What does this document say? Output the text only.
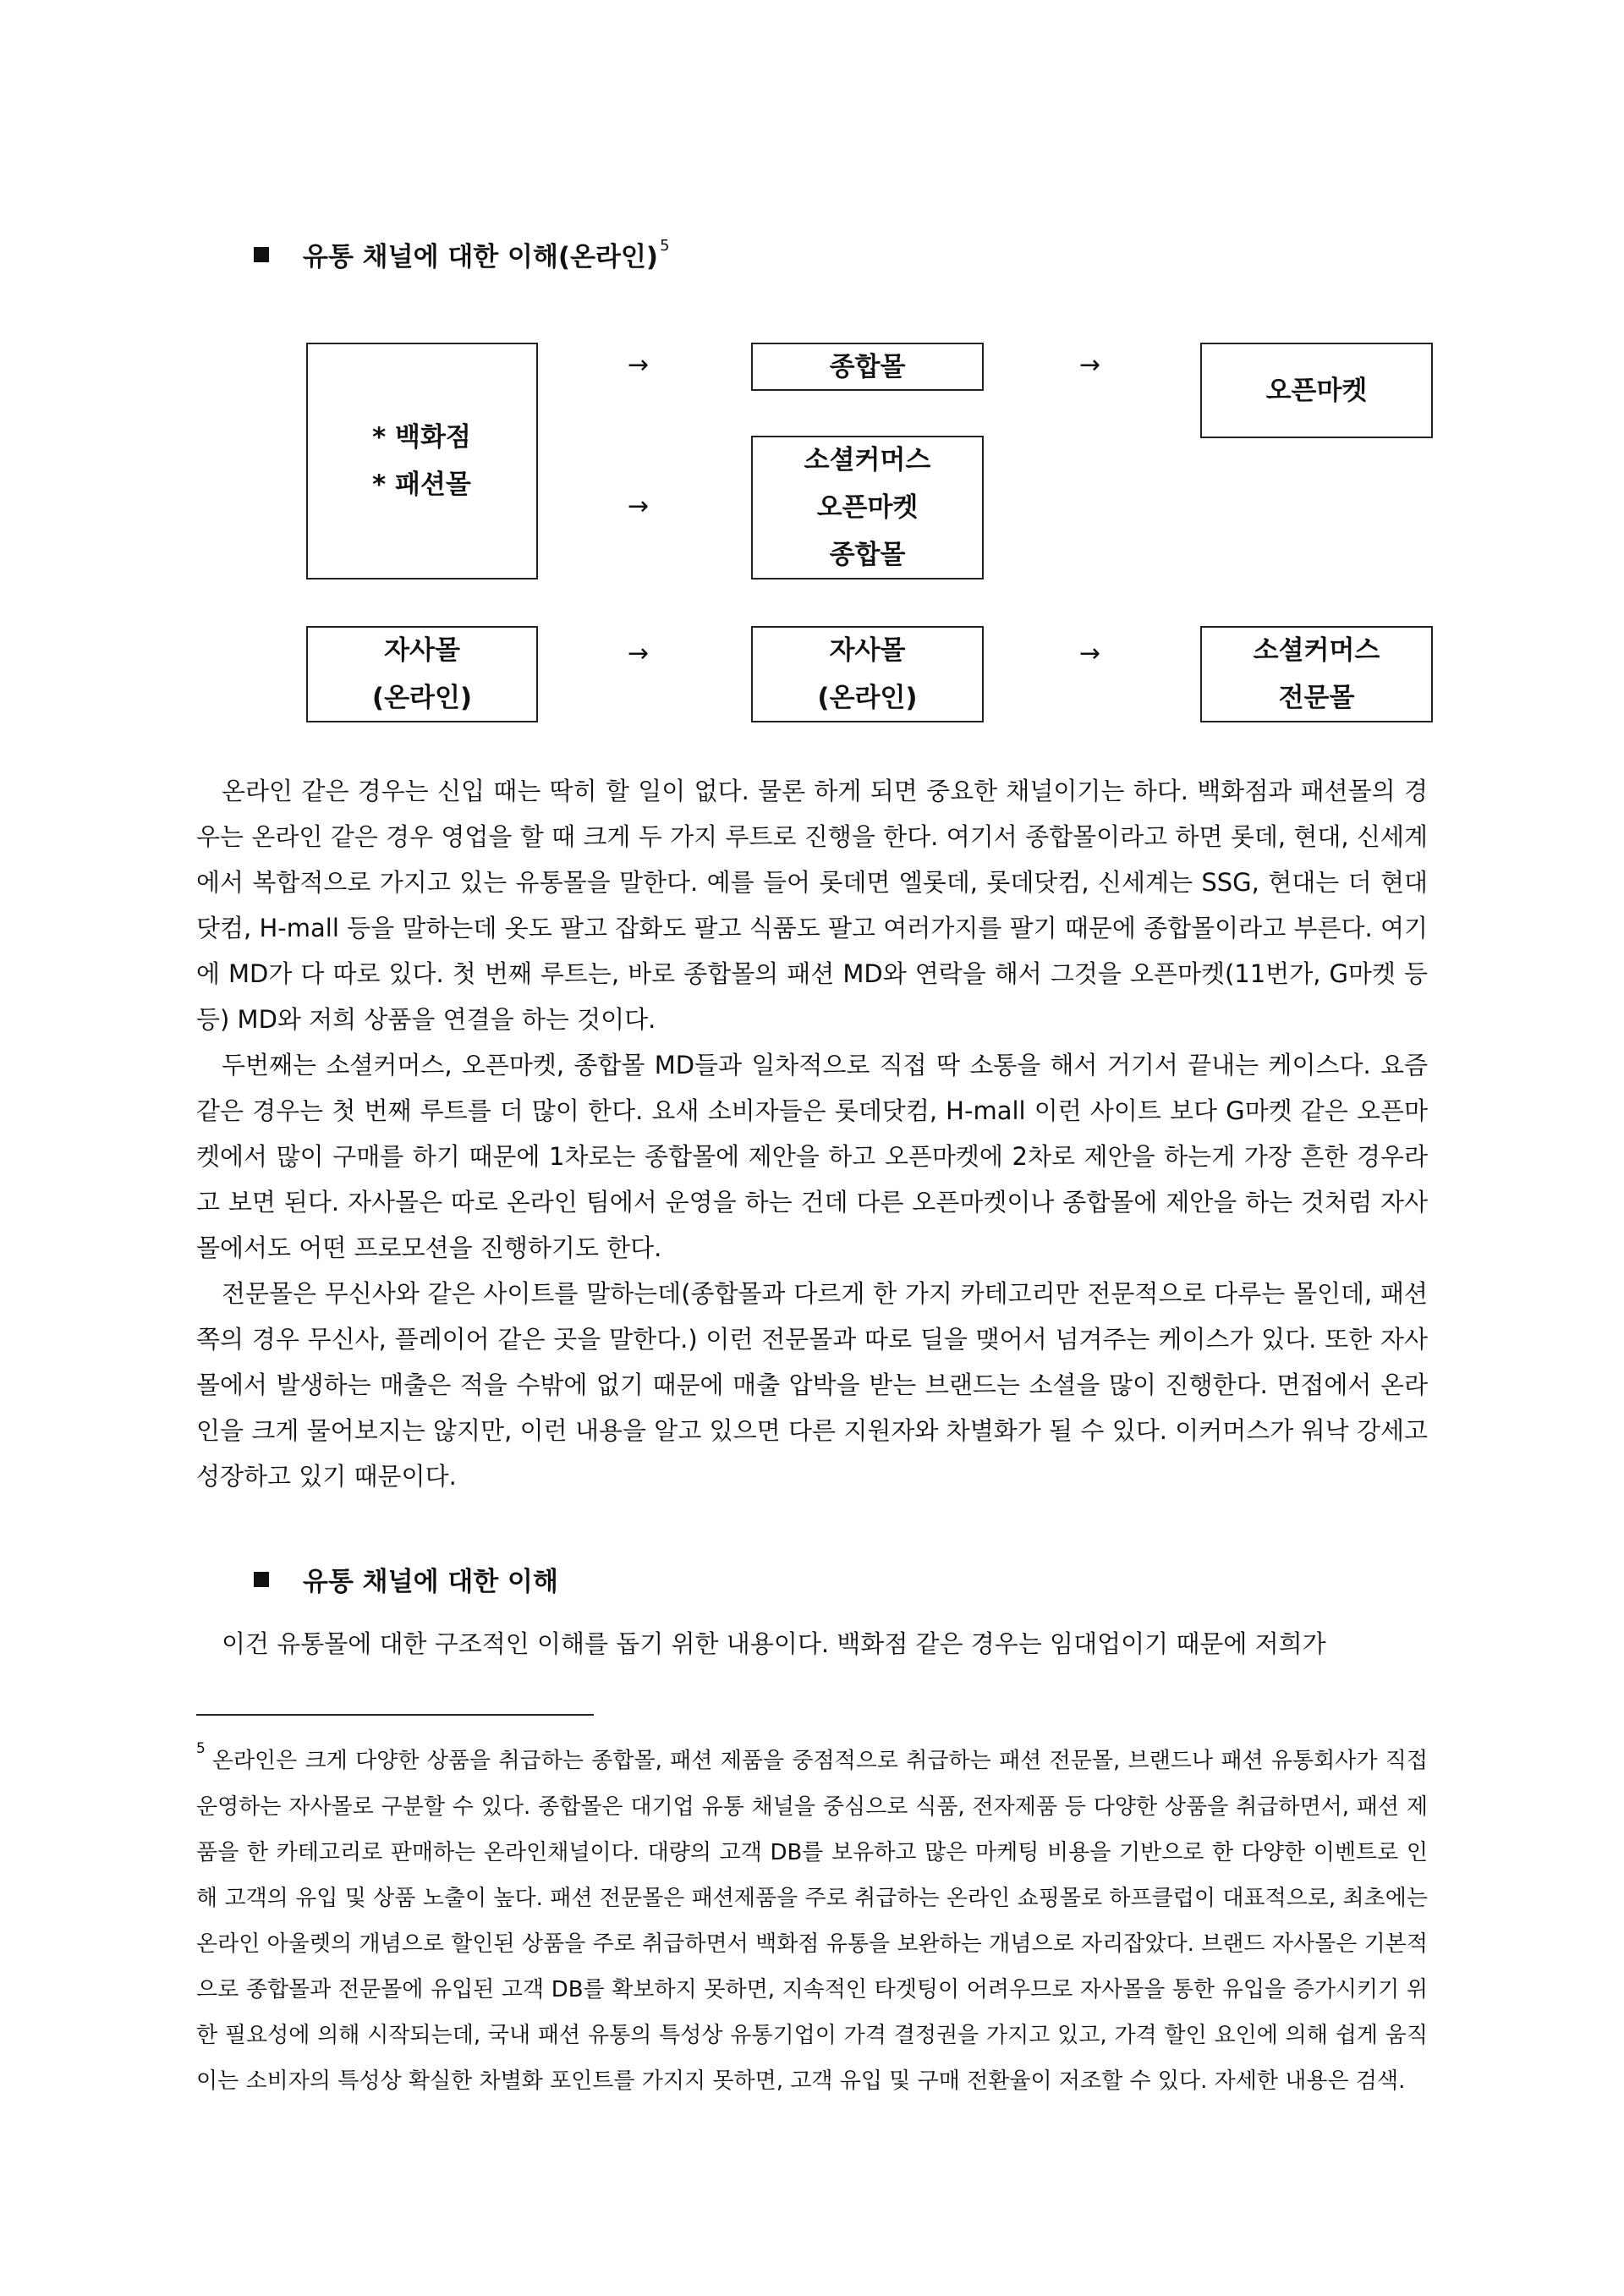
유통 채널에 대한 이해(온라인)$^5$
* 백화점
* 패션몰
→	종합몰	→
오픈마켓
→
소셜커머스
오픈마켓
종합몰
자사몰
(온라인)
→	자사몰
(온라인)
→	소셜커머스
전문몰

온라인 같은 경우는 신입 때는 딱히 할 일이 없다. 물론 하게 되면 중요한 채널이기는 하다. 백화점과 패션몰의 경우는 온라인 같은 경우 영업을 할 때 크게 두 가지 루트로 진행을 한다. 여기서 종합몰이라고 하면 롯데, 현대, 신세계에서 복합적으로 가지고 있는 유통몰을 말한다. 예를 들어 롯데면 엘롯데, 롯데닷컴, 신세계는 SSG, 현대는 더 현대 닷컴, H-mall 등을 말하는데 옷도 팔고 잡화도 팔고 식품도 팔고 여러가지를 팔기 때문에 종합몰이라고 부른다. 여기에 MD가 다 따로 있다. 첫 번째 루트는, 바로 종합몰의 패션 MD와 연락을 해서 그것을 오픈마켓(11번가, G마켓 등등) MD와 저희 상품을 연결을 하는 것이다.

두번째는 소셜커머스, 오픈마켓, 종합몰 MD들과 일차적으로 직접 딱 소통을 해서 거기서 끝내는 케이스다. 요즘 같은 경우는 첫 번째 루트를 더 많이 한다. 요새 소비자들은 롯데닷컴, H-mall 이런 사이트 보다 G마켓 같은 오픈마켓에서 많이 구매를 하기 때문에 1차로는 종합몰에 제안을 하고 오픈마켓에 2차로 제안을 하는게 가장 흔한 경우라고 보면 된다. 자사몰은 따로 온라인 팀에서 운영을 하는 건데 다른 오픈마켓이나 종합몰에 제안을 하는 것처럼 자사몰에서도 어떤 프로모션을 진행하기도 한다.

전문몰은 무신사와 같은 사이트를 말하는데(종합몰과 다르게 한 가지 카테고리만 전문적으로 다루는 몰인데, 패션 쪽의 경우 무신사, 플레이어 같은 곳을 말한다.) 이런 전문몰과 따로 딜을 맺어서 넘겨주는 케이스가 있다. 또한 자사몰에서 발생하는 매출은 적을 수밖에 없기 때문에 매출 압박을 받는 브랜드는 소셜을 많이 진행한다. 면접에서 온라인을 크게 물어보지는 않지만, 이런 내용을 알고 있으면 다른 지원자와 차별화가 될 수 있다. 이커머스가 워낙 강세고 성장하고 있기 때문이다.

유통 채널에 대한 이해

이건 유통몰에 대한 구조적인 이해를 돕기 위한 내용이다. 백화점 같은 경우는 임대업이기 때문에 저희가

$^5$ 온라인은 크게 다양한 상품을 취급하는 종합몰, 패션 제품을 중점적으로 취급하는 패션 전문몰, 브랜드나 패션 유통회사가 직접 운영하는 자사몰로 구분할 수 있다. 종합몰은 대기업 유통 채널을 중심으로 식품, 전자제품 등 다양한 상품을 취급하면서, 패션 제품을 한 카테고리로 판매하는 온라인채널이다. 대량의 고객 DB를 보유하고 많은 마케팅 비용을 기반으로 한 다양한 이벤트로 인해 고객의 유입 및 상품 노출이 높다. 패션 전문몰은 패션제품을 주로 취급하는 온라인 쇼핑몰로 하프클럽이 대표적으로, 최초에는 온라인 아울렛의 개념으로 할인된 상품을 주로 취급하면서 백화점 유통을 보완하는 개념으로 자리잡았다. 브랜드 자사몰은 기본적으로 종합몰과 전문몰에 유입된 고객 DB를 확보하지 못하면, 지속적인 타겟팅이 어려우므로 자사몰을 통한 유입을 증가시키기 위한 필요성에 의해 시작되는데, 국내 패션 유통의 특성상 유통기업이 가격 결정권을 가지고 있고, 가격 할인 요인에 의해 쉽게 움직이는 소비자의 특성상 확실한 차별화 포인트를 가지지 못하면, 고객 유입 및 구매 전환율이 저조할 수 있다. 자세한 내용은 검색.
